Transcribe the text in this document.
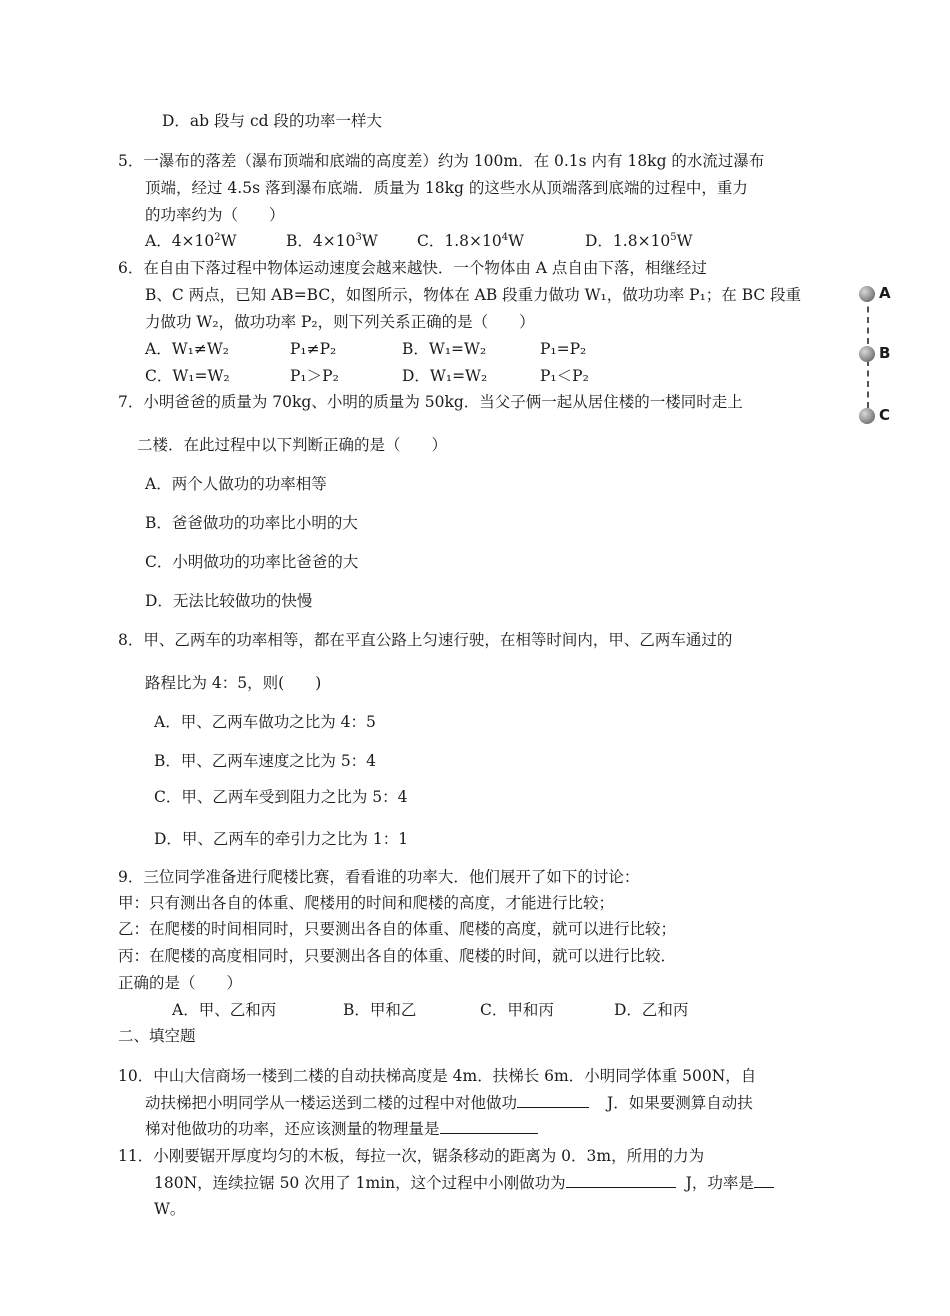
D．ab 段与 cd 段的功率一样大
5．一瀑布的落差（瀑布顶端和底端的高度差）约为 100m．在 0.1s 内有 18kg 的水流过瀑布
顶端，经过 4.5s 落到瀑布底端．质量为 18kg 的这些水从顶端落到底端的过程中，重力
的功率约为（　　）
A．$4\times 10^2W$	B．$4\times 10^3W$	C．$1.8\times 10^4W$	D．$1.8\times 10^5W$
6．在自由下落过程中物体运动速度会越来越快．一个物体由 A 点自由下落，相继经过
B、C 两点，已知 AB=BC，如图所示，物体在 AB 段重力做功 W₁，做功功率 P₁；在 BC 段重
力做功 W₂，做功功率 P₂，则下列关系正确的是（　　）
A．W₁≠W₂	P₁≠P₂	B．W₁=W₂	P₁=P₂
C．W₁=W₂	P₁＞P₂	D．W₁=W₂	P₁＜P₂
A
B
C
7．小明爸爸的质量为 70kg、小明的质量为 50kg．当父子俩一起从居住楼的一楼同时走上
二楼．在此过程中以下判断正确的是（　　）
A．两个人做功的功率相等
B．爸爸做功的功率比小明的大
C．小明做功的功率比爸爸的大
D．无法比较做功的快慢
8．甲、乙两车的功率相等，都在平直公路上匀速行驶，在相等时间内，甲、乙两车通过的
路程比为 4：5，则(　　)
A．甲、乙两车做功之比为 4：5
B．甲、乙两车速度之比为 5：4
C．甲、乙两车受到阻力之比为 5：4
D．甲、乙两车的牵引力之比为 1：1
9．三位同学准备进行爬楼比赛，看看谁的功率大．他们展开了如下的讨论：
甲：只有测出各自的体重、爬楼用的时间和爬楼的高度，才能进行比较；
乙：在爬楼的时间相同时，只要测出各自的体重、爬楼的高度，就可以进行比较；
丙：在爬楼的高度相同时，只要测出各自的体重、爬楼的时间，就可以进行比较．
正确的是（　　）
A．甲、乙和丙	B．甲和乙	C．甲和丙	D．乙和丙
二、填空题
10．中山大信商场一楼到二楼的自动扶梯高度是 4m．扶梯长 6m．小明同学体重 500N，自
动扶梯把小明同学从一楼运送到二楼的过程中对他做功	J．如果要测算自动扶
梯对他做功的功率，还应该测量的物理量是
11．小刚要锯开厚度均匀的木板，每拉一次，锯条移动的距离为 0．3m，所用的力为
180N，连续拉锯 50 次用了 1min，这个过程中小刚做功为	J，功率是
W。
